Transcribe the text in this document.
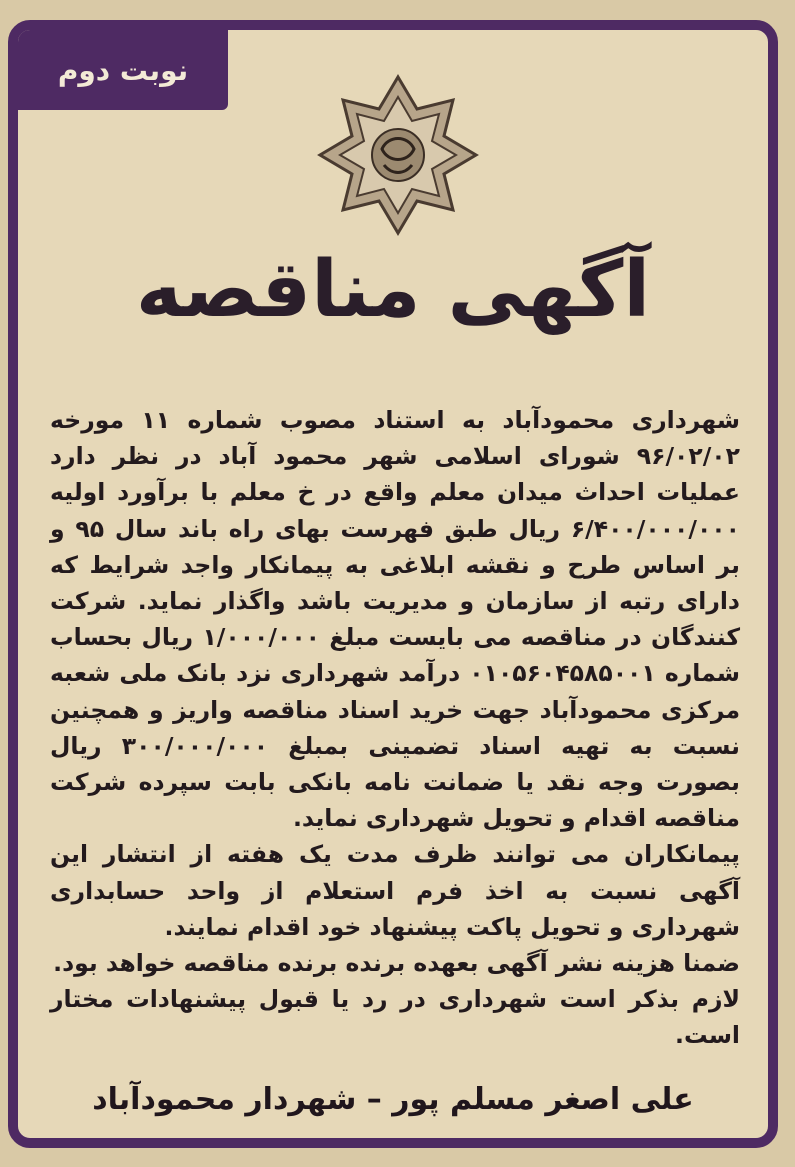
نوبت دوم
آگهی مناقصه

شهرداری محمودآباد به استناد مصوب شماره ۱۱ مورخه ۹۶/۰۲/۰۲ شورای اسلامی شهر محمود آباد در نظر دارد عملیات احداث میدان معلم واقع در خ معلم با برآورد اولیه ۶/۴۰۰/۰۰۰/۰۰۰ ریال طبق فهرست بهای راه باند سال ۹۵ و بر اساس طرح و نقشه ابلاغی به پیمانکار واجد شرایط که دارای رتبه از سازمان و مدیریت باشد واگذار نماید. شرکت کنندگان در مناقصه می بایست مبلغ ۱/۰۰۰/۰۰۰ ریال بحساب شماره ۰۱۰۵۶۰۴۵۸۵۰۰۱ درآمد شهرداری نزد بانک ملی شعبه مرکزی محمودآباد جهت خرید اسناد مناقصه واریز و همچنین نسبت به تهیه اسناد تضمینی بمبلغ ۳۰۰/۰۰۰/۰۰۰ ریال بصورت وجه نقد یا ضمانت نامه بانکی بابت سپرده شرکت مناقصه اقدام و تحویل شهرداری نماید.

پیمانکاران می توانند ظرف مدت یک هفته از انتشار این آگهی نسبت به اخذ فرم استعلام از واحد حسابداری شهرداری و تحویل پاکت پیشنهاد خود اقدام نمایند.

ضمنا هزینه نشر آگهی بعهده برنده برنده مناقصه خواهد بود.

لازم بذکر است شهرداری در رد یا قبول پیشنهادات مختار است.

علی اصغر مسلم پور – شهردار محمودآباد
